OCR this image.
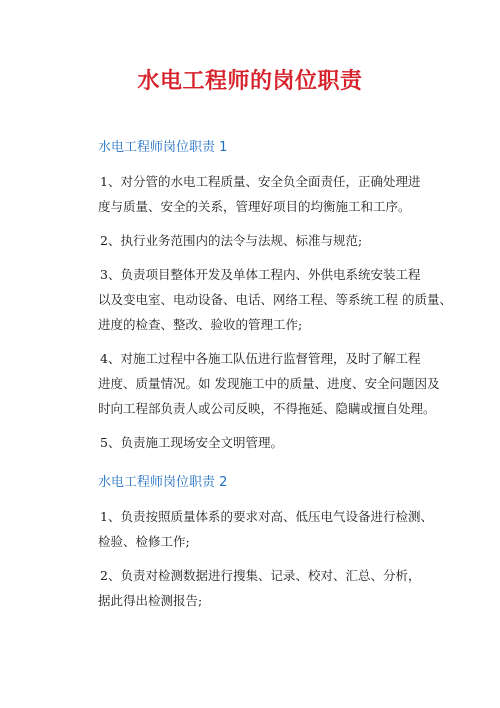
水电工程师的岗位职责
水电工程师岗位职责 1
1、对分管的水电工程质量、安全负全面责任，正确处理进
度与质量、安全的关系，管理好项目的均衡施工和工序。
2、执行业务范围内的法令与法规、标准与规范;
3、负责项目整体开发及单体工程内、外供电系统安装工程
以及变电室、电动设备、电话、网络工程、等系统工程 的质量、
进度的检查、整改、验收的管理工作;
4、对施工过程中各施工队伍进行监督管理，及时了解工程
进度、质量情况。如 发现施工中的质量、进度、安全问题因及
时向工程部负责人或公司反映，不得拖延、隐瞒或擅自处理。
5、负责施工现场安全文明管理。
水电工程师岗位职责 2
1、负责按照质量体系的要求对高、低压电气设备进行检测、
检验、检修工作;
2、负责对检测数据进行搜集、记录、校对、汇总、分析，
据此得出检测报告;
